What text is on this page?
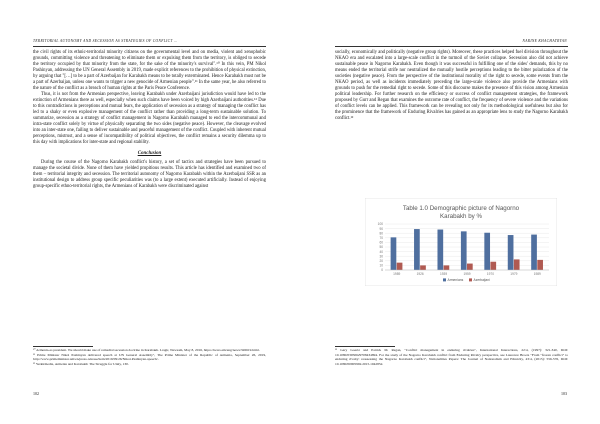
TERRITORIAL AUTONOMY AND SECESSION AS STRATEGIES OF CONFLICT …

the civil rights of its ethnic-territorial minority citizens on the governmental level and on media, violent and xenophobic grounds, committing violence and threatening to eliminate them or expulsing them from the territory, is obliged to secede the territory occupied by that minority from the state, for the sake of the minority's survival".¹⁰ In this vein, PM Nikol Pashinyan, addressing the UN General Assembly in 2019, made explicit references to the prohibition of physical extinction, by arguing that "[…] to be a part of Azerbaijan for Karabakh means to be totally exterminated. Hence Karabakh must not be a part of Azerbaijan, unless one wants to trigger a new genocide of Armenian people".¹¹ In the same year, he also referred to the nature of the conflict as a breach of human rights at the Paris Peace Conference.

Thus, it is not from the Armenian perspective, leaving Karabakh under Azerbaijani jurisdiction would have led to the extinction of Armenians there as well, especially when such claims have been voiced by high Azerbaijani authorities.¹² Due to this contradictions in perceptions and mutual fears, the application of secession as a strategy of managing the conflict has led to a shaky or even explosive management of the conflict rather than providing a long-term sustainable solution. To summarize, secession as a strategy of conflict management in Nagorno Karabakh managed to end the intercommunal and intra-state conflict solely by virtue of physically separating the two sides (negative peace). However, the cleavage evolved into an inter-state one, failing to deliver sustainable and peaceful management of the conflict. Coupled with inherent mutual perceptions, mistrust, and a sense of incompatibility of political objectives, the conflict remains a security dilemma up to this day with implications for inter-state and regional stability.

Conclusion

During the course of the Nagorno Karabakh conflict's history, a set of tactics and strategies have been pursued to manage the societal divide. None of them have yielded propitious results. This article has identified and examined two of them – territorial integrity and secession. The territorial autonomy of Nagorno Karabakh within the Azerbaijani SSR as an institutional design to address group specific peculiarities was (to a large extent) executed artificially. Instead of enjoying group-specific ethno-territorial rights, the Armenians of Karabakh were discriminated against

¹⁰ Armenia-as president. We should make use of remedial secession doctrine in Karabakh. Lragir, Newsam, May 8, 2016, https://news.am/eng/news/326619.html.

¹¹ Prime Minister Nikol Pashinyan delivered speech at UN General Assembly", The Prime Minister of the Republic of Armenia, September 26, 2019, http://www.primeminister.am/en/press-release/item/2019/09/26/Nikol-Pashinyan-speech/.

¹² Yerkirmedia, Armenia and Karabakh: The Struggle for Unity, 130.

102
NARINE KHACHATRYAN

socially, economically and politically (negative group rights). Moreover, these practices helped fuel division throughout the NKAO era and escalated into a large-scale conflict in the turmoil of the Soviet collapse. Secession also did not achieve sustainable peace in Nagorno Karabakh. Even though it was successful in fulfilling one of the sides' demands, this by no means ended the territorial strife nor neutralized the mutually hostile perceptions leading to the bitter polarization of the societies (negative peace). From the perspective of the institutional morality of the right to secede, some events from the NKAO period, as well as incidents immediately preceding the large-scale violence also provide the Armenians with grounds to push for the remedial right to secede. Some of this discourse makes the presence of this vision among Armenian political leadership. For further research on the efficiency or success of conflict management strategies, the framework proposed by Gurr and Regan that examines the outcome rate of conflict, the frequency of severe violence and the variations of conflict levels can be applied. This framework can be revealing not only for its methodological usefulness but also for the prominence that the framework of Enduring Rivalries has gained as an appropriate lens to study the Nagorno Karabakh conflict.¹³

¹³ Gary Goertz and Patrick M. Regan, "Conflict management in enduring rivalries", International Interactions, 22:4, (1997): 321-340, DOI: 10.1080/03050629708434894. For the study of the Nagorno Karabakh conflict from Enduring Rivalry perspective, see Laurence Broers "From "frozen conflict" to enduring rivalry: reassessing the Nagorno Karabakh conflict", Nationalities Papers: The Journal of Nationalism and Ethnicity, 43:4, (2015): 556-576, DOI: 10.1080/00905992.2015.1042852.

103
Table 1.0 Demographic picture of Nagorno
Karabakh by %
0
10
20
30
40
50
60
70
80
90
100
1989	1926	1939	1959	1970	1979	1989
Armenians	Azerbaijani
